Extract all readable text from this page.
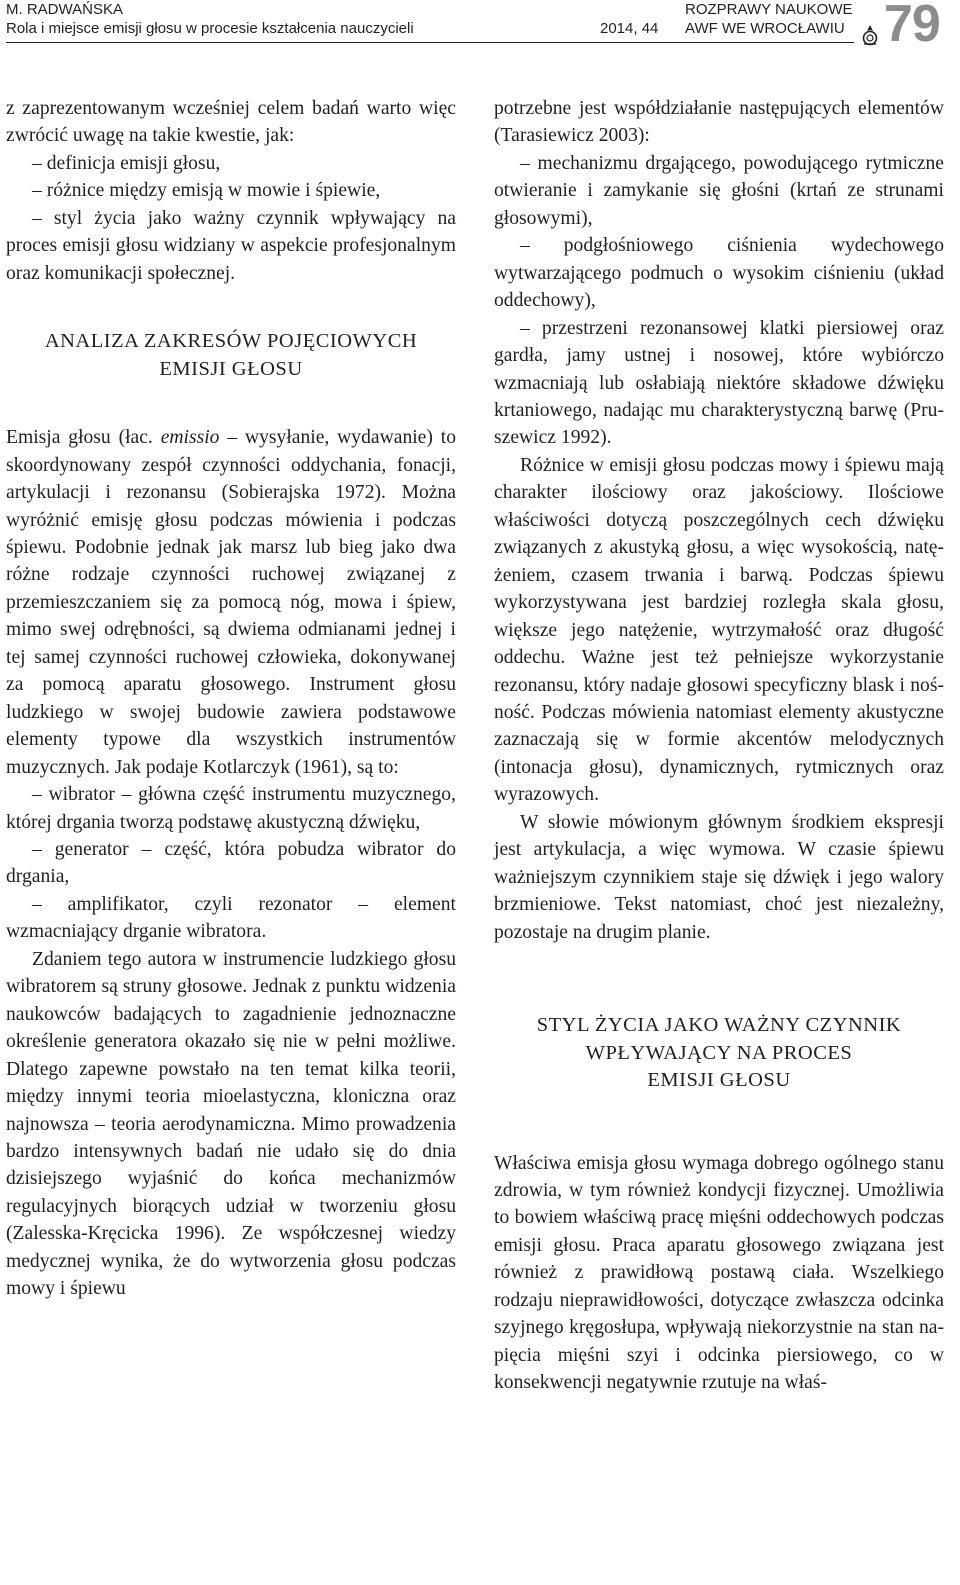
M. RADWAŃSKA
Rola i miejsce emisji głosu w procesie kształcenia nauczycieli	2014, 44
ROZPRAWY NAUKOWE
AWF WE WROCŁAWIU 79

z zaprezentowanym wcześniej celem badań warto więc zwrócić uwagę na takie kwestie, jak:

– definicja emisji głosu,

– różnice między emisją w mowie i śpiewie,

– styl życia jako ważny czynnik wpływający na proces emisji głosu widziany w aspekcie profesjonalnym oraz komunikacji społecznej.

ANALIZA ZAKRESÓW POJĘCIOWYCH
EMISJI GŁOSU

Emisja głosu (łac. emissio – wysyłanie, wydawanie) to skoordynowany zespół czynności oddychania, fonacji, artykulacji i rezonansu (Sobierajska 1972). Można wyróżnić emisję głosu podczas mówienia i podczas śpiewu. Podobnie jednak jak marsz lub bieg jako dwa różne rodzaje czynności ruchowej związanej z przemieszczaniem się za pomocą nóg, mowa i śpiew, mimo swej odrębności, są dwiema odmianami jednej i tej samej czynności ruchowej człowieka, dokonywanej za pomocą aparatu głosowego. Instrument głosu ludzkiego w swojej budowie zawiera podstawowe elementy typowe dla wszystkich instrumentów muzycznych. Jak podaje Kotlarczyk (1961), są to:

– wibrator – główna część instrumentu muzycznego, której drgania tworzą podstawę akustyczną dźwięku,

– generator – część, która pobudza wibrator do drgania,

– amplifikator, czyli rezonator – element wzmacniający drganie wibratora.

Zdaniem tego autora w instrumencie ludzkiego głosu wibratorem są struny głosowe. Jednak z punktu widzenia naukowców badających to zagadnienie jednoznaczne określenie generatora okazało się nie w pełni możliwe. Dlatego zapewne powstało na ten temat kilka teorii, między innymi teoria mioelastyczna, kloniczna oraz najnowsza – teoria aerodynamiczna. Mimo prowadzenia bardzo intensywnych badań nie udało się do dnia dzisiejszego wyjaśnić do końca mechanizmów regulacyjnych biorących udział w tworzeniu głosu (Zalesska-Kręcicka 1996). Ze współczesnej wiedzy medycznej wynika, że do wytworzenia głosu podczas mowy i śpiewu

potrzebne jest współdziałanie następujących elementów (Tarasiewicz 2003):

– mechanizmu drgającego, powodującego rytmiczne otwieranie i zamykanie się głośni (krtań ze strunami głosowymi),

– podgłośniowego ciśnienia wydechowego wytwarzającego podmuch o wysokim ciśnieniu (układ oddechowy),

– przestrzeni rezonansowej klatki piersiowej oraz gardła, jamy ustnej i nosowej, które wybiórczo wzmacniają lub osłabiają niektóre składowe dźwięku krtaniowego, nadając mu charakterystyczną barwę (Pruszewicz 1992).

Różnice w emisji głosu podczas mowy i śpiewu mają charakter ilościowy oraz jakościowy. Ilościowe właściwości dotyczą poszczególnych cech dźwięku związanych z akustyką głosu, a więc wysokością, natężeniem, czasem trwania i barwą. Podczas śpiewu wykorzystywana jest bardziej rozległa skala głosu, większe jego natężenie, wytrzymałość oraz długość oddechu. Ważne jest też pełniejsze wykorzystanie rezonansu, który nadaje głosowi specyficzny blask i nośność. Podczas mówienia natomiast elementy akustyczne zaznaczają się w formie akcentów melodycznych (intonacja głosu), dynamicznych, rytmicznych oraz wyrazowych.

W słowie mówionym głównym środkiem ekspresji jest artykulacja, a więc wymowa. W czasie śpiewu ważniejszym czynnikiem staje się dźwięk i jego walory brzmieniowe. Tekst natomiast, choć jest niezależny, pozostaje na drugim planie.

STYL ŻYCIA JAKO WAŻNY CZYNNIK
WPŁYWAJĄCY NA PROCES
EMISJI GŁOSU

Właściwa emisja głosu wymaga dobrego ogólnego stanu zdrowia, w tym również kondycji fizycznej. Umożliwia to bowiem właściwą pracę mięśni oddechowych podczas emisji głosu. Praca aparatu głosowego związana jest również z prawidłową postawą ciała. Wszelkiego rodzaju nieprawidłowości, dotyczące zwłaszcza odcinka szyjnego kręgosłupa, wpływają niekorzystnie na stan napięcia mięśni szyi i odcinka piersiowego, co w konsekwencji negatywnie rzutuje na właś-
